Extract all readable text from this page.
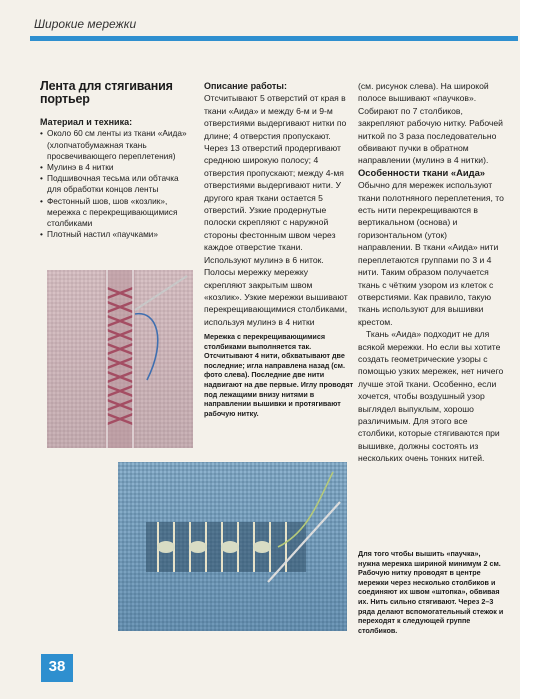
Широкие мережки
Лента для стягивания
портьер

Материал и техника:

• Около 60 см ленты из ткани «Аида» (хлопчатобумажная ткань просвечивающего переплетения)
• Мулинэ в 4 нитки
• Подшивочная тесьма или обтачка для обработки концов ленты
• Фестонный шов, шов «козлик», мережка с перекрещивающимися столбиками
• Плотный настил «паучками»

Описание работы:

Отсчитывают 5 отверстий от края в ткани «Аида» и между 6-м и 9-м отверстиями выдергивают нитки по длине; 4 отверстия пропускают. Через 13 отверстий продергивают среднюю широкую полосу; 4 отверстия пропускают; между 4-мя отверстиями выдергивают нити. У другого края ткани остается 5 отверстий. Узкие продернутые полоски скрепляют с наружной стороны фестонным швом через каждое отверстие ткани. Используют мулинэ в 6 ниток. Полосы мережку мережку скрепляют закрытым швом «козлик». Узкие мережки вышивают перекрещивающимися столбиками, используя мулинэ в 4 нитки

Мережка с перекрещивающимися столбиками выполняется так. Отсчитывают 4 нити, обхватывают две последние; игла направлена назад (см. фото слева). Последние две нити надвигают на две первые. Иглу проводят под лежащими внизу нитями в направлении вышивки и протягивают рабочую нитку.

(см. рисунок слева). На широкой полосе вышивают «паучков». Собирают по 7 столбиков, закрепляют рабочую нитку. Рабочей ниткой по 3 раза последовательно обвивают пучки в обратном направлении (мулинэ в 4 нитки).

Особенности ткани «Аида»

Обычно для мережек используют ткани полотняного переплетения, то есть нити перекрещиваются в вертикальном (основа) и горизонтальном (уток) направлении. В ткани «Аида» нити переплетаются группами по 3 и 4 нити. Таким образом получается ткань с чётким узором из клеток с отверстиями. Как правило, такую ткань используют для вышивки крестом.

Ткань «Аида» подходит не для всякой мережки. Но если вы хотите создать геометрические узоры с помощью узких мережек, нет ничего лучше этой ткани. Особенно, если хочется, чтобы воздушный узор выглядел выпуклым, хорошо различимым. Для этого все столбики, которые стягиваются при вышивке, должны состоять из нескольких очень тонких нитей.

Для того чтобы вышить «паучка», нужна мережка шириной минимум 2 см. Рабочую нитку проводят в центре мережки через несколько столбиков и соединяют их швом «штопка», обвивая их. Нить сильно стягивают. Через 2–3 ряда делают вспомогательный стежок и переходят к следующей группе столбиков.

38
